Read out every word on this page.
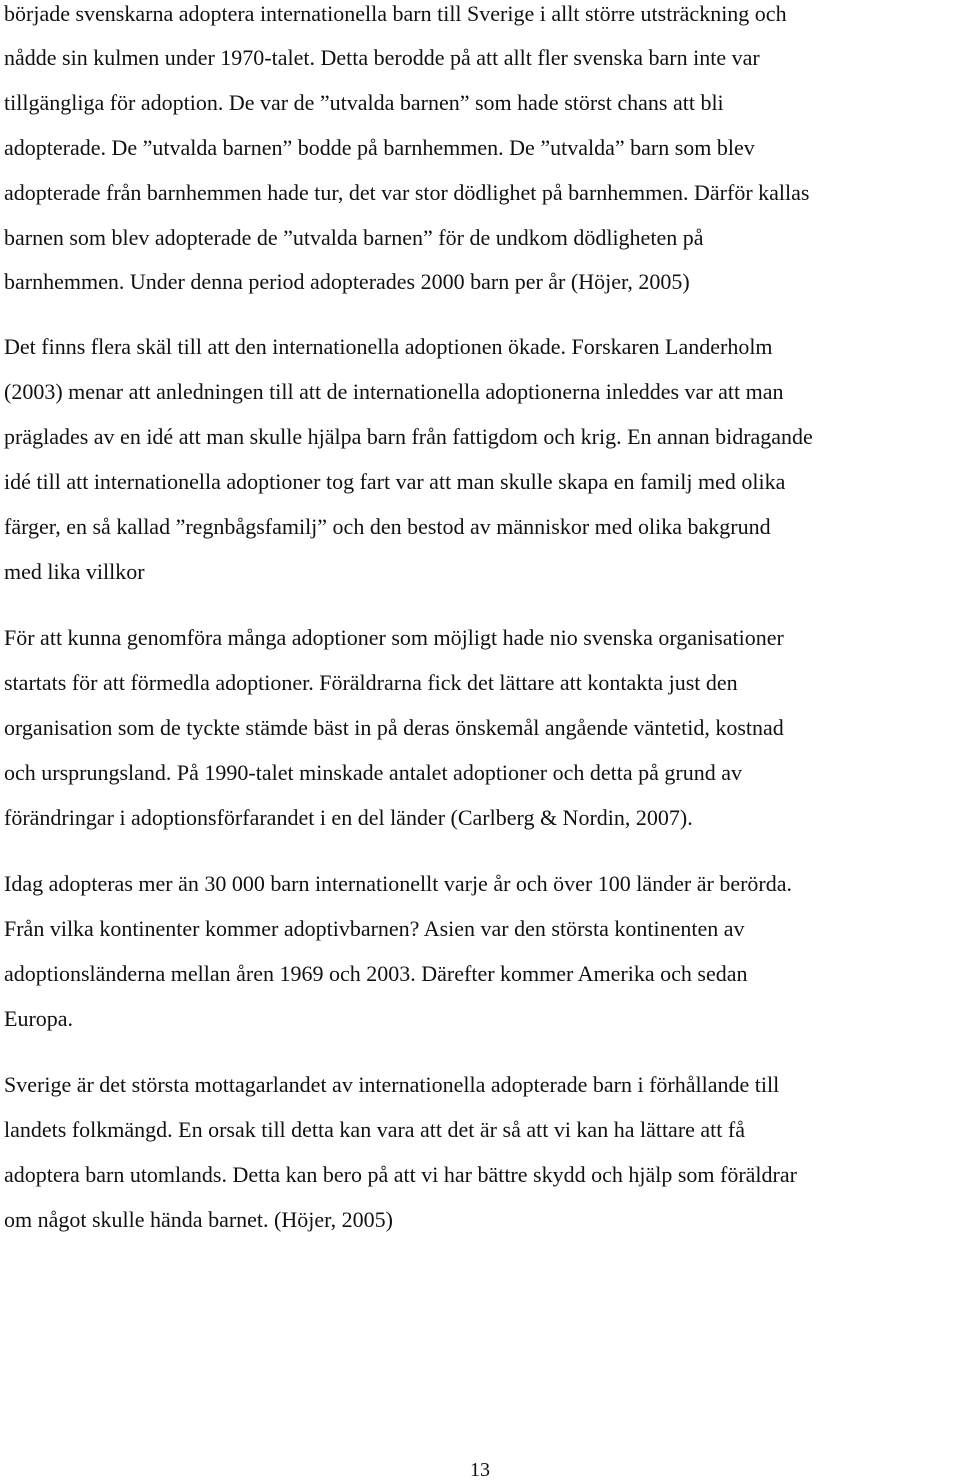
började svenskarna adoptera internationella barn till Sverige i allt större utsträckning och
nådde sin kulmen under 1970-talet. Detta berodde på att allt fler svenska barn inte var
tillgängliga för adoption. De var de ”utvalda barnen” som hade störst chans att bli
adopterade. De ”utvalda barnen” bodde på barnhemmen. De ”utvalda” barn som blev
adopterade från barnhemmen hade tur, det var stor dödlighet på barnhemmen. Därför kallas
barnen som blev adopterade de ”utvalda barnen” för de undkom dödligheten på
barnhemmen. Under denna period adopterades 2000 barn per år (Höjer, 2005)
Det finns flera skäl till att den internationella adoptionen ökade. Forskaren Landerholm
(2003) menar att anledningen till att de internationella adoptionerna inleddes var att man
präglades av en idé att man skulle hjälpa barn från fattigdom och krig. En annan bidragande
idé till att internationella adoptioner tog fart var att man skulle skapa en familj med olika
färger, en så kallad ”regnbågsfamilj” och den bestod av människor med olika bakgrund
med lika villkor
För att kunna genomföra många adoptioner som möjligt hade nio svenska organisationer
startats för att förmedla adoptioner. Föräldrarna fick det lättare att kontakta just den
organisation som de tyckte stämde bäst in på deras önskemål angående väntetid, kostnad
och ursprungsland. På 1990-talet minskade antalet adoptioner och detta på grund av
förändringar i adoptionsförfarandet i en del länder (Carlberg & Nordin, 2007).
Idag adopteras mer än 30 000 barn internationellt varje år och över 100 länder är berörda.
Från vilka kontinenter kommer adoptivbarnen? Asien var den största kontinenten av
adoptionsländerna mellan åren 1969 och 2003. Därefter kommer Amerika och sedan
Europa.
Sverige är det största mottagarlandet av internationella adopterade barn i förhållande till
landets folkmängd. En orsak till detta kan vara att det är så att vi kan ha lättare att få
adoptera barn utomlands. Detta kan bero på att vi har bättre skydd och hjälp som föräldrar
om något skulle hända barnet. (Höjer, 2005)
13
